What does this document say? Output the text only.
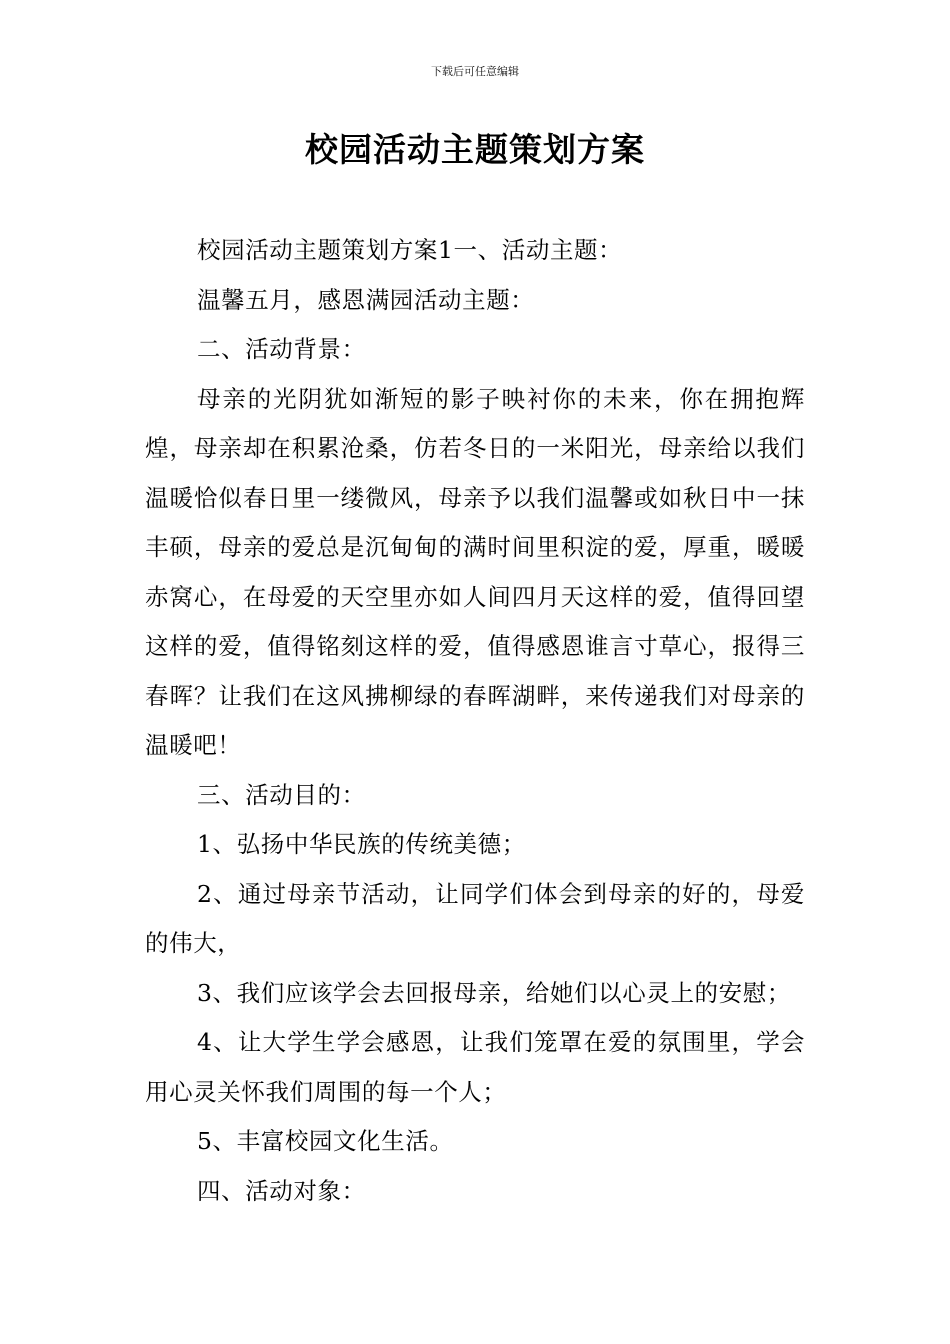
下载后可任意编辑
校园活动主题策划方案

校园活动主题策划方案1一、活动主题：

温馨五月，感恩满园活动主题：

二、活动背景：

母亲的光阴犹如渐短的影子映衬你的未来，你在拥抱辉煌，母亲却在积累沧桑，仿若冬日的一米阳光，母亲给以我们温暖恰似春日里一缕微风，母亲予以我们温馨或如秋日中一抹丰硕，母亲的爱总是沉甸甸的满时间里积淀的爱，厚重，暖暖赤窝心，在母爱的天空里亦如人间四月天这样的爱，值得回望这样的爱，值得铭刻这样的爱，值得感恩谁言寸草心，报得三春晖？让我们在这风拂柳绿的春晖湖畔，来传递我们对母亲的温暖吧！

三、活动目的：

1、弘扬中华民族的传统美德；

2、通过母亲节活动，让同学们体会到母亲的好的，母爱的伟大，

3、我们应该学会去回报母亲，给她们以心灵上的安慰；

4、让大学生学会感恩，让我们笼罩在爱的氛围里，学会用心灵关怀我们周围的每一个人；

5、丰富校园文化生活。

四、活动对象：
